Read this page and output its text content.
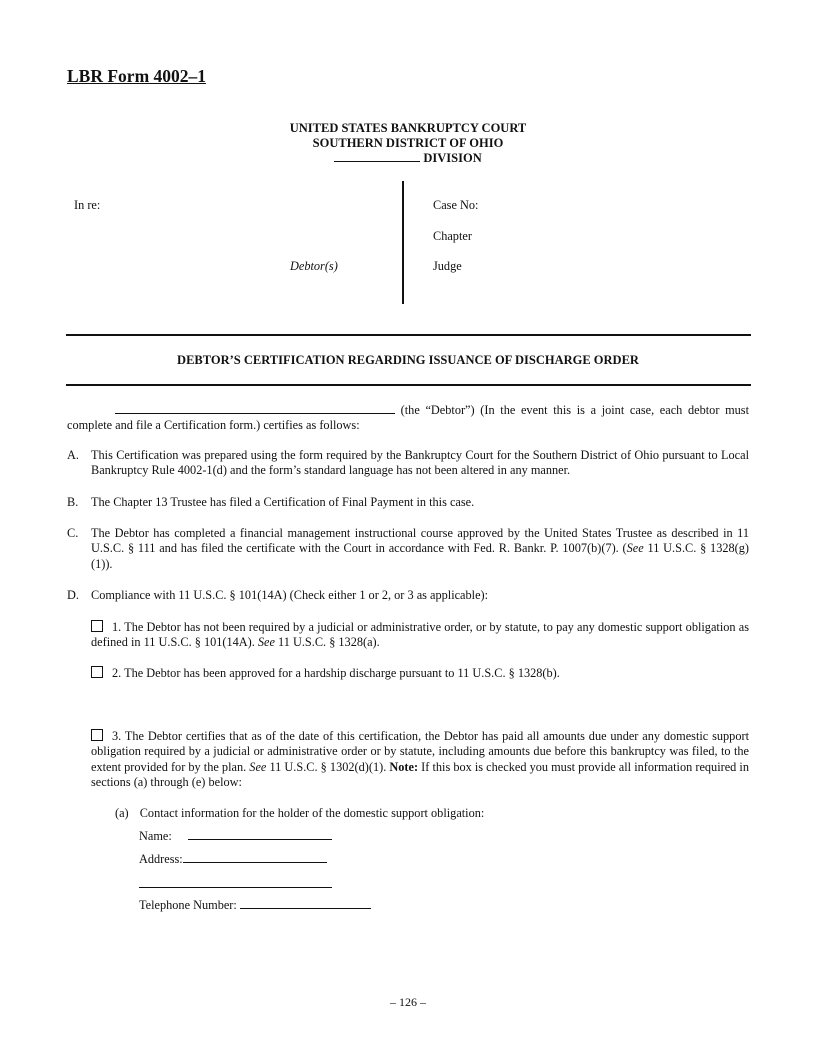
LBR Form 4002–1
UNITED STATES BANKRUPTCY COURT
SOUTHERN DISTRICT OF OHIO
DIVISION
In re:
Debtor(s)
Case No:
Chapter
Judge
DEBTOR’S CERTIFICATION REGARDING ISSUANCE OF DISCHARGE ORDER
(the “Debtor”) (In the event this is a joint case, each debtor must complete and file a Certification form.) certifies as follows:
A. This Certification was prepared using the form required by the Bankruptcy Court for the Southern District of Ohio pursuant to Local Bankruptcy Rule 4002-1(d) and the form’s standard language has not been altered in any manner.
B. The Chapter 13 Trustee has filed a Certification of Final Payment in this case.
C. The Debtor has completed a financial management instructional course approved by the United States Trustee as described in 11 U.S.C. § 111 and has filed the certificate with the Court in accordance with Fed. R. Bankr. P. 1007(b)(7). (See 11 U.S.C. § 1328(g)(1)).
D. Compliance with 11 U.S.C. § 101(14A) (Check either 1 or 2, or 3 as applicable):
1. The Debtor has not been required by a judicial or administrative order, or by statute, to pay any domestic support obligation as defined in 11 U.S.C. § 101(14A). See 11 U.S.C. § 1328(a).
2. The Debtor has been approved for a hardship discharge pursuant to 11 U.S.C. § 1328(b).
3. The Debtor certifies that as of the date of this certification, the Debtor has paid all amounts due under any domestic support obligation required by a judicial or administrative order or by statute, including amounts due before this bankruptcy was filed, to the extent provided for by the plan. See 11 U.S.C. § 1302(d)(1). Note: If this box is checked you must provide all information required in sections (a) through (e) below:
(a) Contact information for the holder of the domestic support obligation:
Name:
Address:
Telephone Number:
– 126 –
